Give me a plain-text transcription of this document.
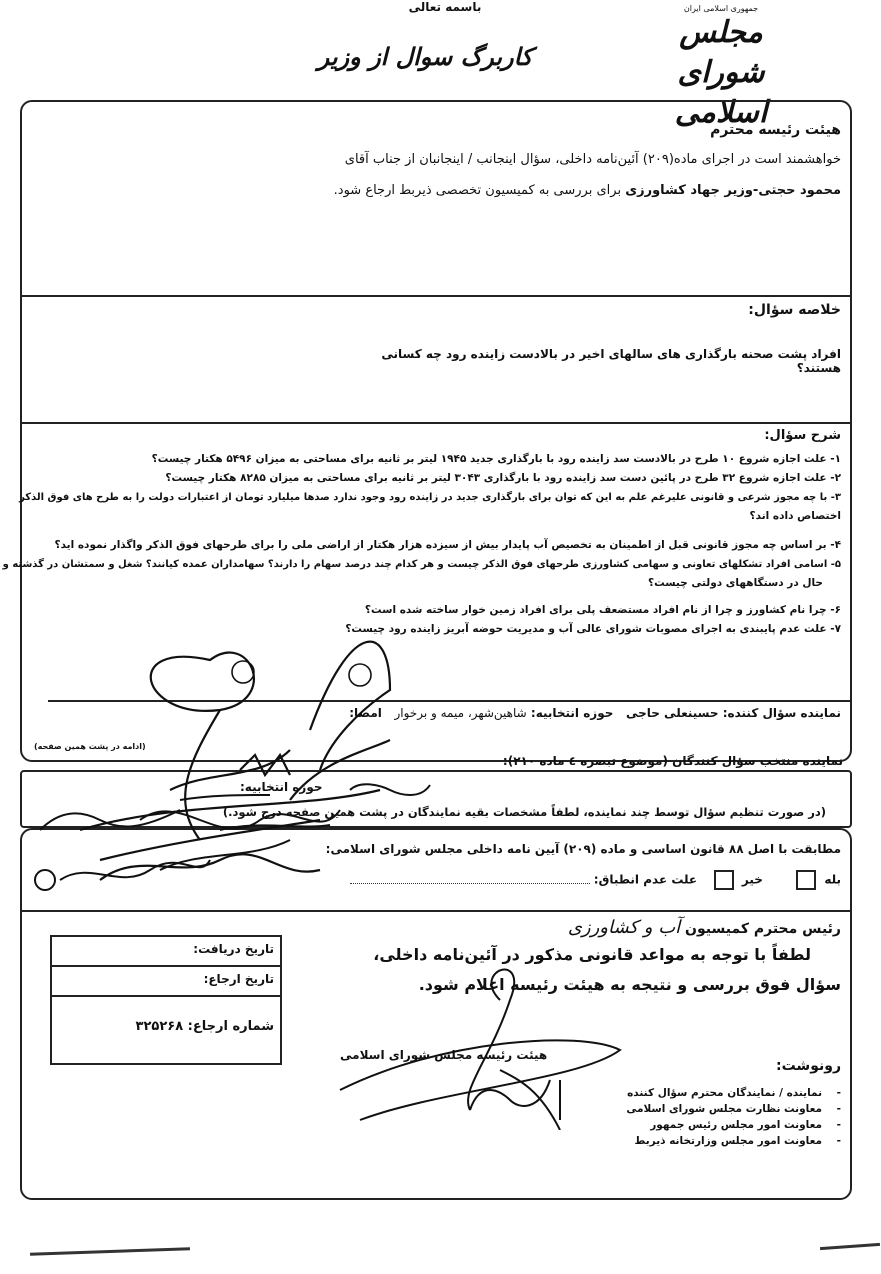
باسمه تعالی	جمهوری اسلامی ایران
مجلس شورای اسلامی
کاربرگ سوال از وزیر
هیئت رئیسه محترم
خواهشمند است در اجرای ماده(۲۰۹) آئین‌نامه داخلی، سؤال اینجانب / اینجانبان از جناب آقای
محمود حجتی-وزیر جهاد کشاورزی برای بررسی به کمیسیون تخصصی ذیربط ارجاع شود.
خلاصه سؤال:
افراد پشت صحنه بارگذاری های سالهای اخیر در بالادست زاینده رود چه کسانی هستند؟
شرح سؤال:
۱- علت اجازه شروع ۱۰ طرح در بالادست سد زاینده رود با بارگذاری جدید ۱۹۴۵ لیتر بر ثانیه برای مساحتی به میزان ۵۴۹۶ هکتار چیست؟
۲- علت اجازه شروع ۳۲ طرح در پائین دست سد زاینده رود با بارگذاری ۳۰۴۳ لیتر بر ثانیه برای مساحتی به میزان ۸۲۸۵ هکتار چیست؟
۳- با چه مجوز شرعی و قانونی علیرغم علم به این که توان برای بارگذاری جدید در زاینده رود وجود ندارد صدها میلیارد تومان از اعتبارات دولت را به طرح های فوق الذکر
اختصاص داده اند؟
۴- بر اساس چه مجوز قانونی قبل از اطمینان به تخصیص آب پایدار بیش از سیزده هزار هکتار از اراضی ملی را برای طرحهای فوق الذکر واگذار نموده اید؟
۵- اسامی افراد تشکلهای تعاونی و سهامی کشاورزی طرحهای فوق الذکر چیست و هر کدام چند درصد سهام را دارند؟ سهامداران عمده کیانند؟ شغل و سمتشان در گذشته و
حال در دستگاههای دولتی چیست؟
۶- چرا نام کشاورز و چرا از نام افراد مستضعف پلی برای افراد زمین خوار ساخته شده است؟
۷- علت عدم پایبندی به اجرای مصوبات شورای عالی آب و مدیریت حوضه آبریز زاینده رود چیست؟
نماینده سؤال کننده: حسینعلی حاجی   حوزه انتخابیه: شاهین‌شهر، میمه و برخوار   امضا:
(ادامه در پشت همین صفحه)
نماینده منتخب سؤال کنندگان (موضوع تبصره ٤ ماده ۲۱۰):
حوزه انتخابیه:
(در صورت تنظیم سؤال توسط چند نماینده، لطفاً مشخصات بقیه نمایندگان در پشت همین صفحه درج شود.)
مطابقت با اصل ۸۸ قانون اساسی و ماده (۲۰۹) آیین نامه داخلی مجلس شورای اسلامی:
بله        خیر    علت عدم انطباق:
رئیس محترم کمیسیون آب و کشاورزی
لطفاً با توجه به مواعد قانونی مذکور در آئین‌نامه داخلی،
سؤال فوق بررسی و نتیجه به هیئت رئیسه اعلام شود.
هیئت رئیسه مجلس شورای اسلامی
تاریخ دریافت:
تاریخ ارجاع:
شماره ارجاع: ۳۲۵۲۶۸
رونوشت:
-    نماینده / نمایندگان محترم سؤال کننده
-    معاونت نظارت مجلس شورای اسلامی
-    معاونت امور مجلس رئیس جمهور
-    معاونت امور مجلس وزارتخانه ذیربط
